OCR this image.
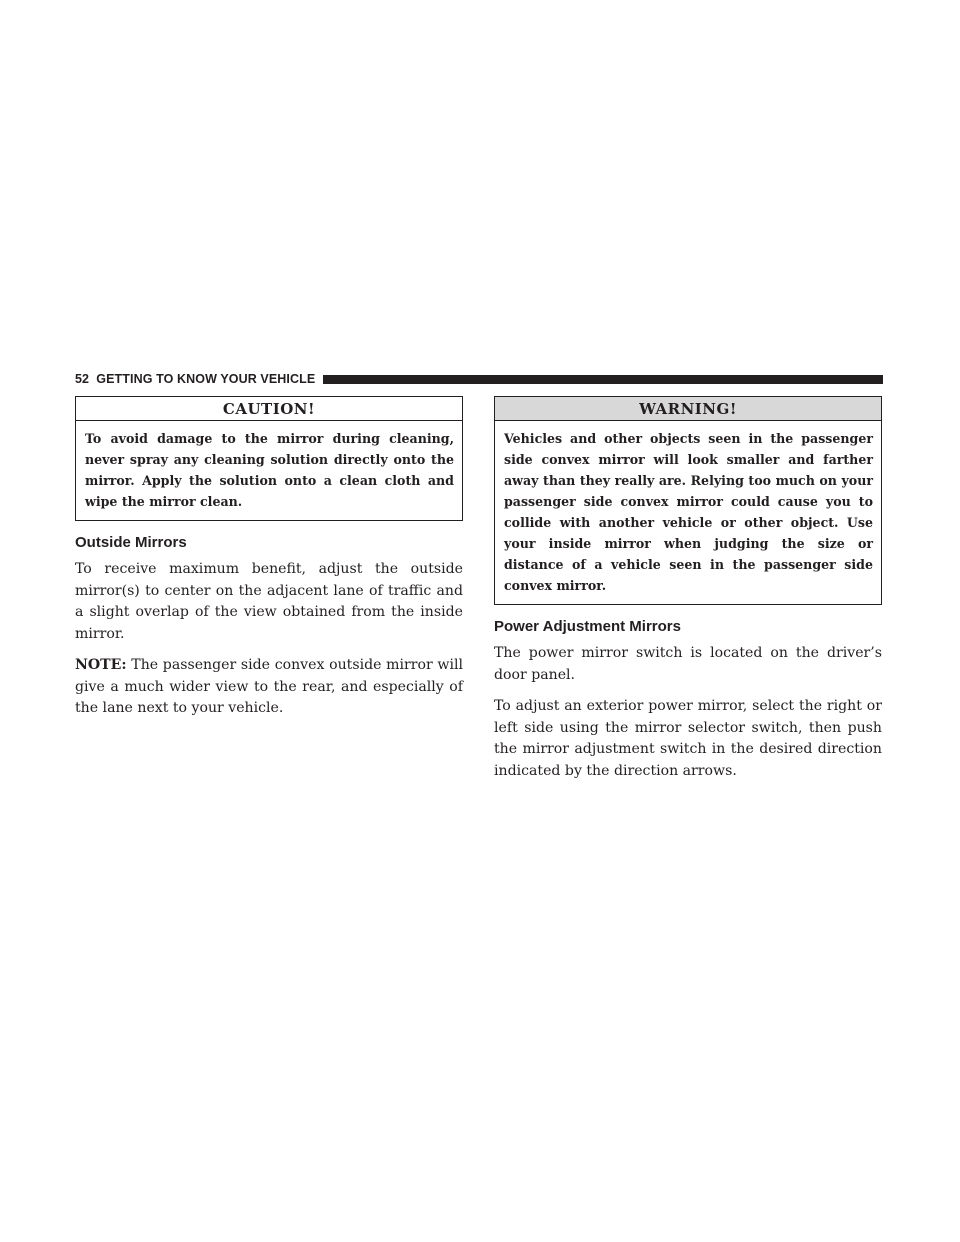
52 GETTING TO KNOW YOUR VEHICLE
CAUTION!
To avoid damage to the mirror during cleaning, never spray any cleaning solution directly onto the mirror. Apply the solution onto a clean cloth and wipe the mirror clean.
Outside Mirrors

To receive maximum benefit, adjust the outside mirror(s) to center on the adjacent lane of traffic and a slight overlap of the view obtained from the inside mirror.

NOTE: The passenger side convex outside mirror will give a much wider view to the rear, and especially of the lane next to your vehicle.

WARNING!
Vehicles and other objects seen in the passenger side convex mirror will look smaller and farther away than they really are. Relying too much on your passenger side convex mirror could cause you to collide with another vehicle or other object. Use your inside mirror when judging the size or distance of a vehicle seen in the passenger side convex mirror.
Power Adjustment Mirrors

The power mirror switch is located on the driver’s door panel.

To adjust an exterior power mirror, select the right or left side using the mirror selector switch, then push the mirror adjustment switch in the desired direction indicated by the direction arrows.
